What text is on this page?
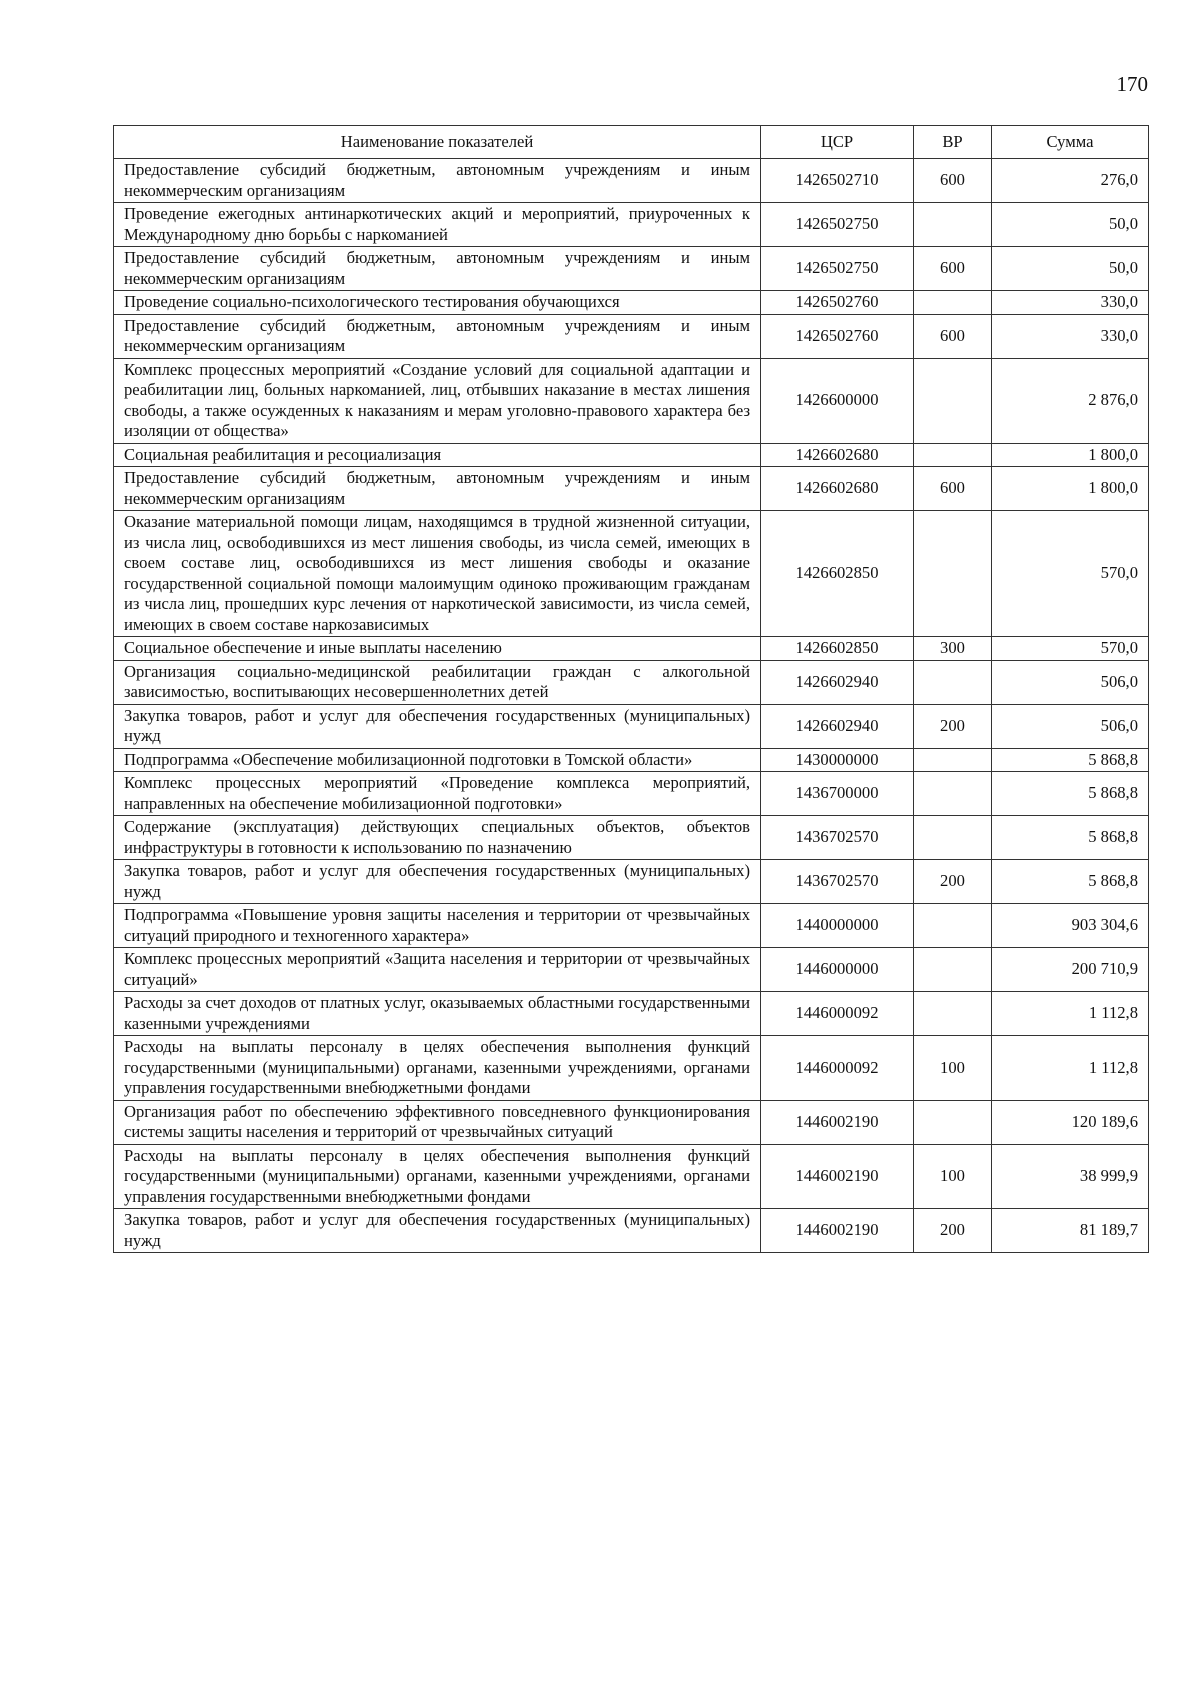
170
Наименование показателей	ЦСР	ВР	Сумма
Предоставление субсидий бюджетным, автономным учреждениям и иным некоммерческим организациям	1426502710	600	276,0
Проведение ежегодных антинаркотических акций и мероприятий, приуроченных к Международному дню борьбы с наркоманией	1426502750		50,0
Предоставление субсидий бюджетным, автономным учреждениям и иным некоммерческим организациям	1426502750	600	50,0
Проведение социально-психологического тестирования обучающихся	1426502760		330,0
Предоставление субсидий бюджетным, автономным учреждениям и иным некоммерческим организациям	1426502760	600	330,0
Комплекс процессных мероприятий «Создание условий для социальной адаптации и реабилитации лиц, больных наркоманией, лиц, отбывших наказание в местах лишения свободы, а также осужденных к наказаниям и мерам уголовно-правового характера без изоляции от общества»	1426600000		2 876,0
Социальная реабилитация и ресоциализация	1426602680		1 800,0
Предоставление субсидий бюджетным, автономным учреждениям и иным некоммерческим организациям	1426602680	600	1 800,0
Оказание материальной помощи лицам, находящимся в трудной жизненной ситуации, из числа лиц, освободившихся из мест лишения свободы, из числа семей, имеющих в своем составе лиц, освободившихся из мест лишения свободы и оказание государственной социальной помощи малоимущим одиноко проживающим гражданам из числа лиц, прошедших курс лечения от наркотической зависимости, из числа семей, имеющих в своем составе наркозависимых	1426602850		570,0
Социальное обеспечение и иные выплаты населению	1426602850	300	570,0
Организация социально-медицинской реабилитации граждан с алкогольной зависимостью, воспитывающих несовершеннолетних детей	1426602940		506,0
Закупка товаров, работ и услуг для обеспечения государственных (муниципальных) нужд	1426602940	200	506,0
Подпрограмма «Обеспечение мобилизационной подготовки в Томской области»	1430000000		5 868,8
Комплекс процессных мероприятий «Проведение комплекса мероприятий, направленных на обеспечение мобилизационной подготовки»	1436700000		5 868,8
Содержание (эксплуатация) действующих специальных объектов, объектов инфраструктуры в готовности к использованию по назначению	1436702570		5 868,8
Закупка товаров, работ и услуг для обеспечения государственных (муниципальных) нужд	1436702570	200	5 868,8
Подпрограмма «Повышение уровня защиты населения и территории от чрезвычайных ситуаций природного и техногенного характера»	1440000000		903 304,6
Комплекс процессных мероприятий «Защита населения и территории от чрезвычайных ситуаций»	1446000000		200 710,9
Расходы за счет доходов от платных услуг, оказываемых областными государственными казенными учреждениями	1446000092		1 112,8
Расходы на выплаты персоналу в целях обеспечения выполнения функций государственными (муниципальными) органами, казенными учреждениями, органами управления государственными внебюджетными фондами	1446000092	100	1 112,8
Организация работ по обеспечению эффективного повседневного функционирования системы защиты населения и территорий от чрезвычайных ситуаций	1446002190		120 189,6
Расходы на выплаты персоналу в целях обеспечения выполнения функций государственными (муниципальными) органами, казенными учреждениями, органами управления государственными внебюджетными фондами	1446002190	100	38 999,9
Закупка товаров, работ и услуг для обеспечения государственных (муниципальных) нужд	1446002190	200	81 189,7
